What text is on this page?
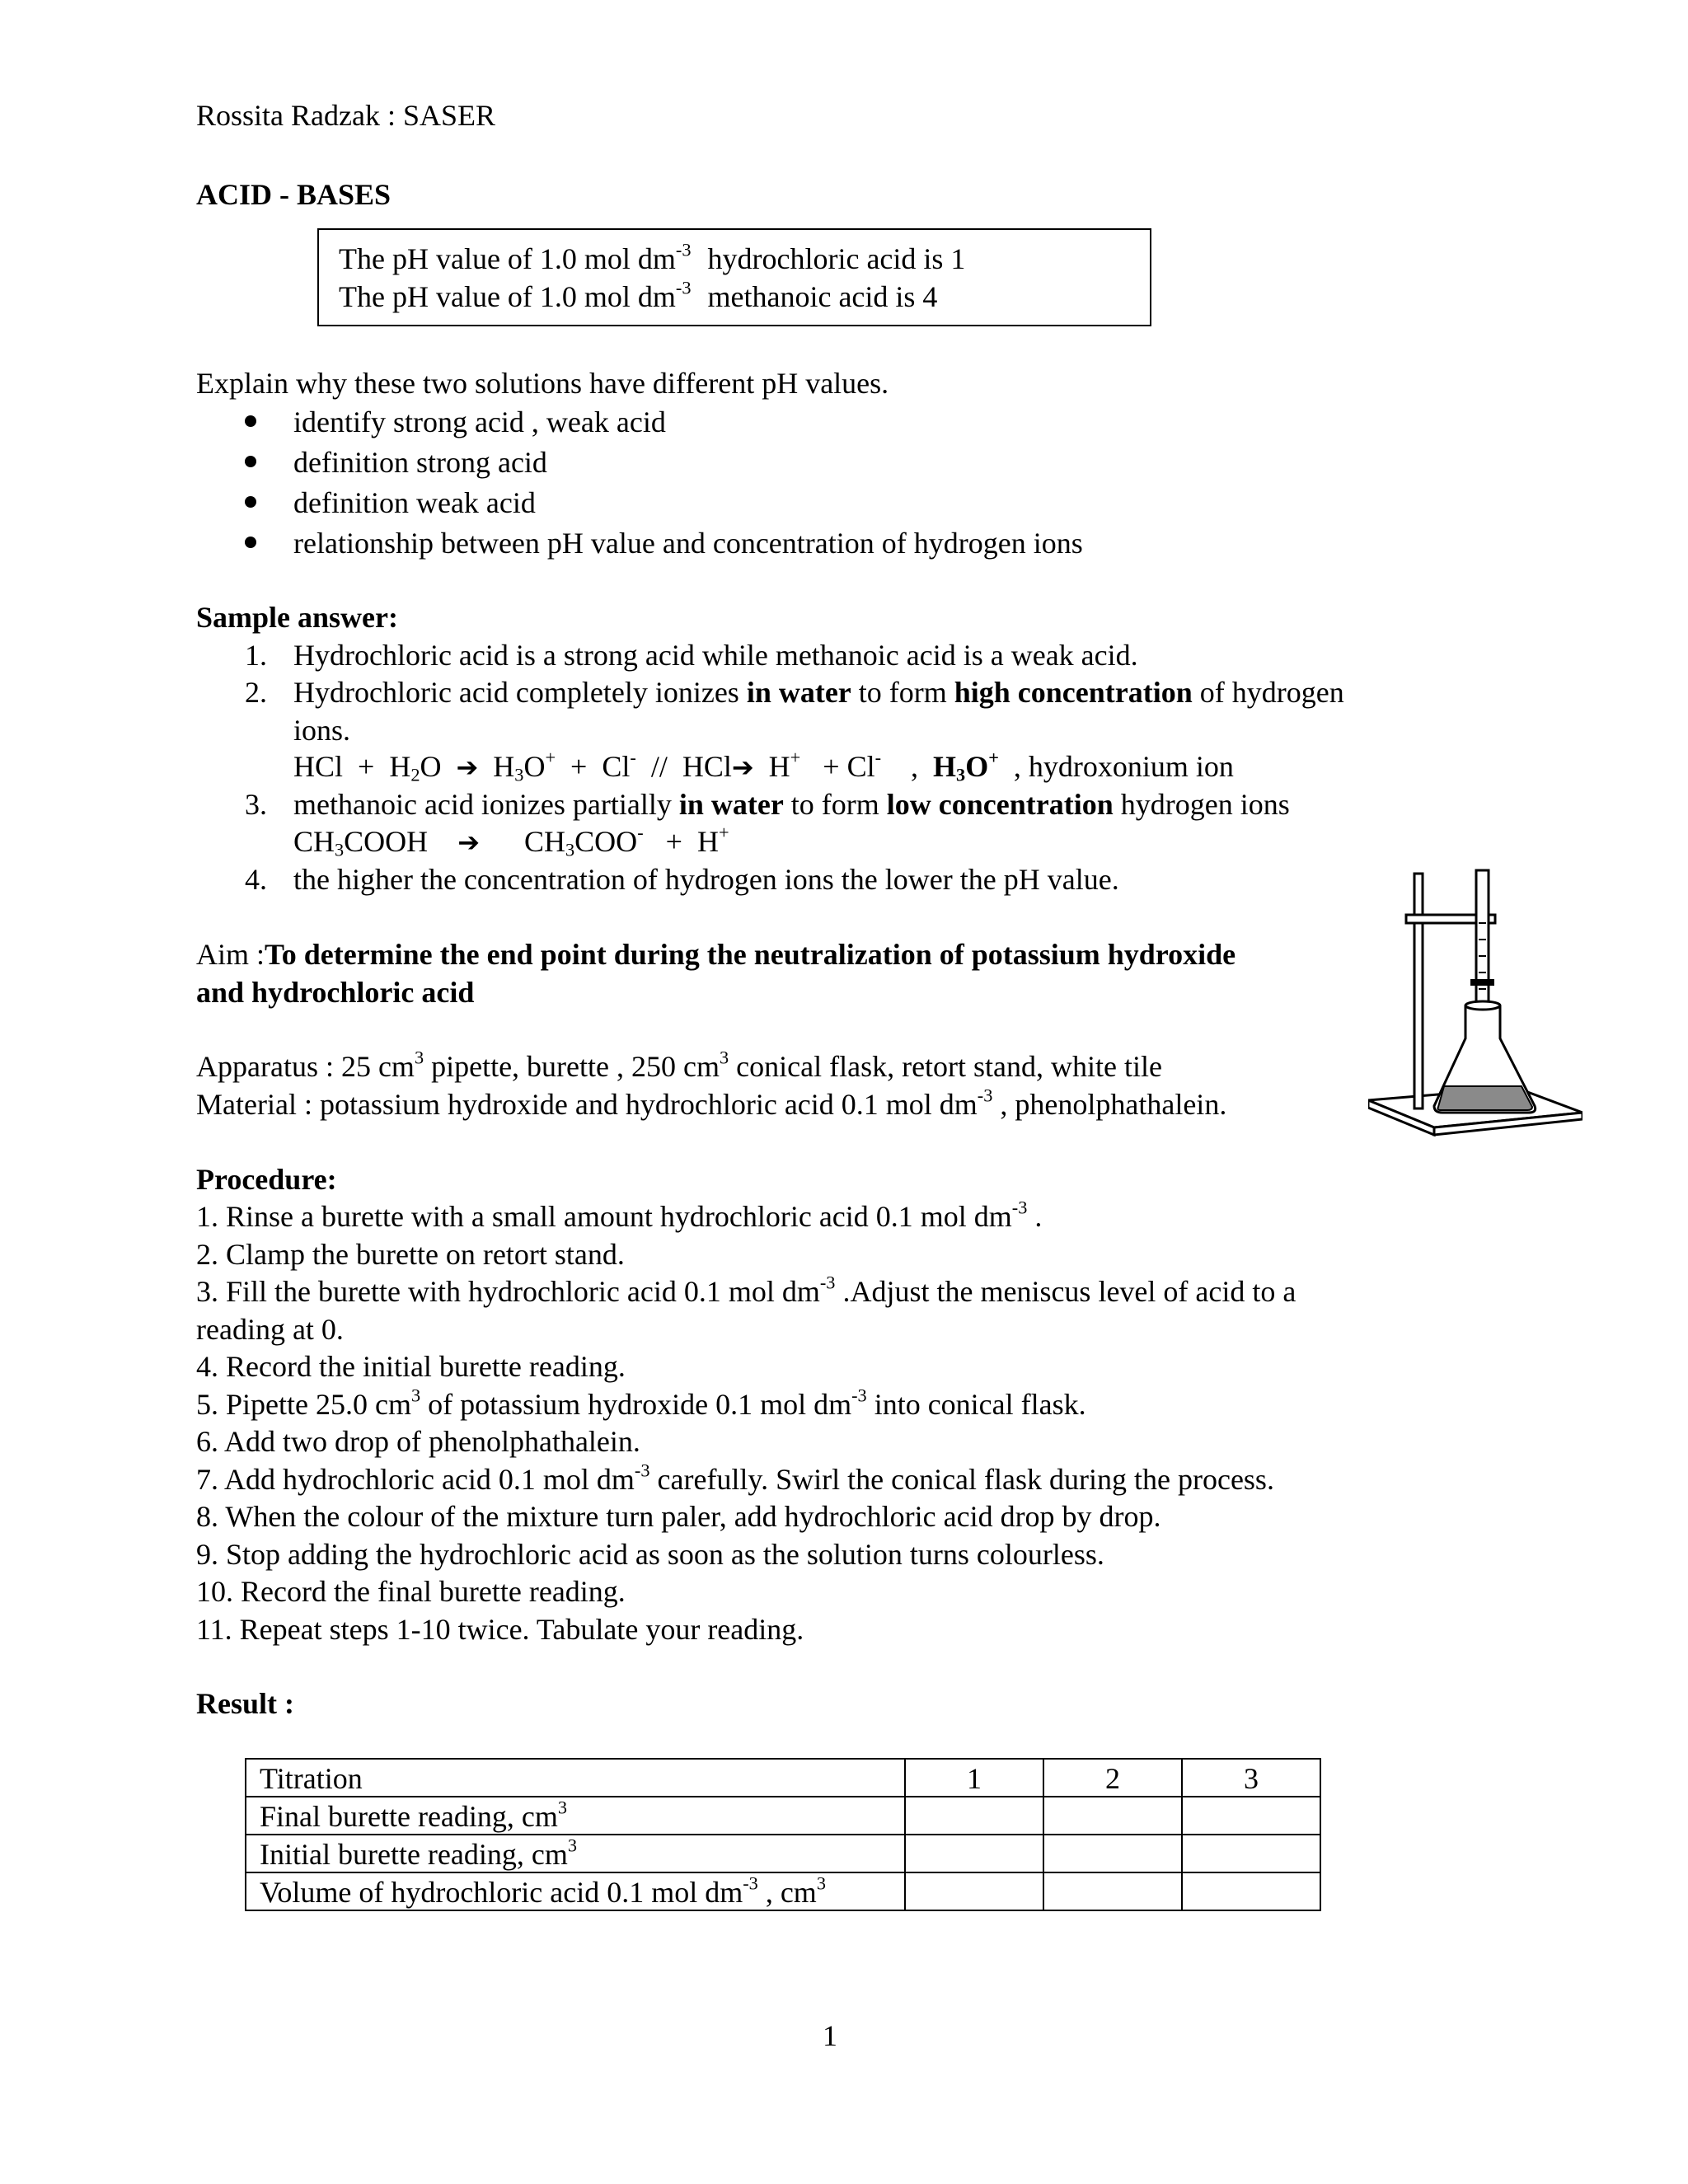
Rossita Radzak : SASER
ACID - BASES
The pH value of 1.0 mol $dm^{-3}$ hydrochloric acid is 1
The pH value of 1.0 mol $dm^{-3}$ methanoic acid is 4
Explain why these two solutions have different pH values.
identify strong acid , weak acid
definition strong acid
definition weak acid
relationship between pH value and concentration of hydrogen ions
Sample answer:
1. Hydrochloric acid is a strong acid while methanoic acid is a weak acid.
2. Hydrochloric acid completely ionizes in water to form high concentration of hydrogen
ions.
HCl + $H_2O$ ➔ $H_3O^+ + Cl^-$ // HCl➔ H+ + Cl- , $H_3O^+$ , hydroxonium ion
3. methanoic acid ionizes partially in water to form low concentration hydrogen ions
$CH_3COOH$ ➔ $CH_3COO^- + H^+$
4. the higher the concentration of hydrogen ions the lower the pH value.
Aim :To determine the end point during the neutralization of potassium hydroxide
and hydrochloric acid
Apparatus : 25 $cm^3$ pipette, burette , 250 $cm^3$ conical flask, retort stand, white tile
Material : potassium hydroxide and hydrochloric acid 0.1 mol $dm^{-3}$ , phenolphathalein.
Procedure:
1. Rinse a burette with a small amount hydrochloric acid 0.1 mol $dm^{-3}$ .
2. Clamp the burette on retort stand.
3. Fill the burette with hydrochloric acid 0.1 mol $dm^{-3}$ .Adjust the meniscus level of acid to a
reading at 0.
4. Record the initial burette reading.
5. Pipette 25.0 $cm^3$ of potassium hydroxide 0.1 mol $dm^{-3}$ into conical flask.
6. Add two drop of phenolphathalein.
7. Add hydrochloric acid 0.1 mol $dm^{-3}$ carefully. Swirl the conical flask during the process.
8. When the colour of the mixture turn paler, add hydrochloric acid drop by drop.
9. Stop adding the hydrochloric acid as soon as the solution turns colourless.
10. Record the final burette reading.
11. Repeat steps 1-10 twice. Tabulate your reading.
Result :
Titration	1	2	3
Final burette reading, $cm^3$			
Initial burette reading, $cm^3$			
Volume of hydrochloric acid 0.1 mol $dm^{-3}$ , $cm^3$			
1
